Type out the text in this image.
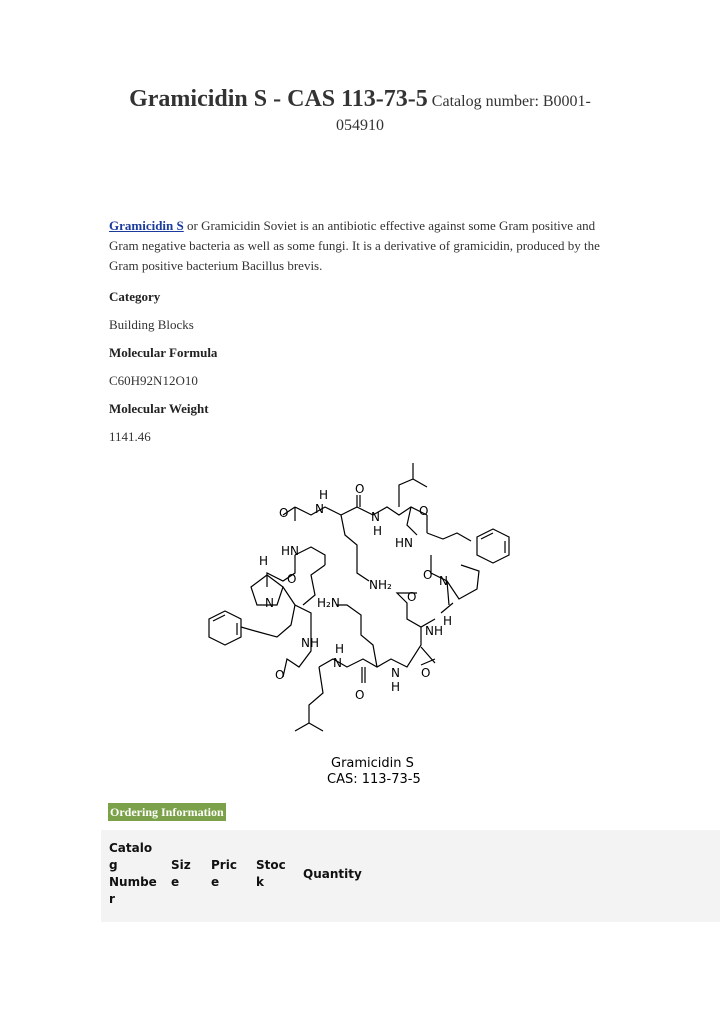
Gramicidin S - CAS 113-73-5 Catalog number: B0001-
054910
Gramicidin S or Gramicidin Soviet is an antibiotic effective against some Gram positive and Gram negative bacteria as well as some fungi. It is a derivative of gramicidin, produced by the Gram positive bacterium Bacillus brevis.
Category
Building Blocks
Molecular Formula
C60H92N12O10
Molecular Weight
1141.46
H
N
O
N
H
O
O
HN
HN
H
O	O N
N
NH₂
H₂N	O
H
NH
NH H
N
N
H
O
O
O
Gramicidin S
CAS: 113-73-5
Ordering Information
Catalo
g
Numbe
r
Siz
e
Pric
e
Stoc
k
Quantity
